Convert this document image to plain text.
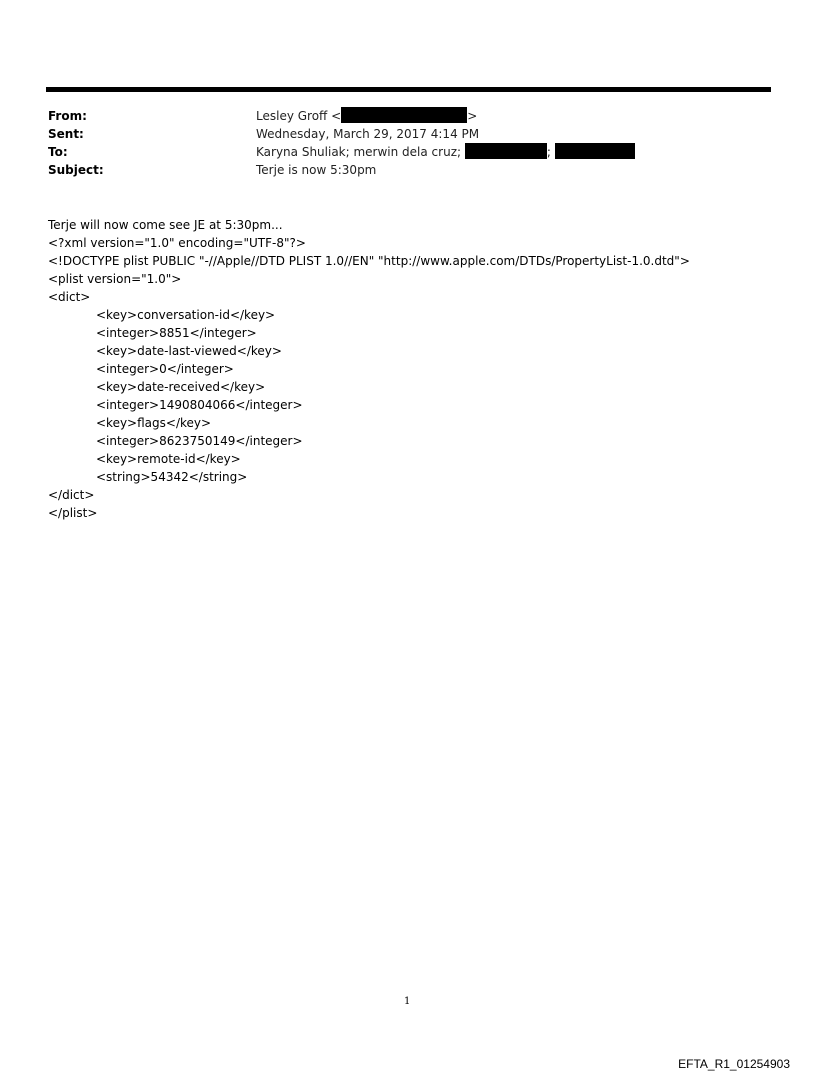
From:	Lesley Groff <	>
Sent:	Wednesday, March 29, 2017 4:14 PM
To:	Karyna Shuliak; merwin dela cruz;	;
Subject:	Terje is now 5:30pm
Terje will now come see JE at 5:30pm...
<?xml version="1.0" encoding="UTF-8"?>
<!DOCTYPE plist PUBLIC "-//Apple//DTD PLIST 1.0//EN" "http://www.apple.com/DTDs/PropertyList-1.0.dtd">
<plist version="1.0">
<dict>
<key>conversation-id</key>
<integer>8851</integer>
<key>date-last-viewed</key>
<integer>0</integer>
<key>date-received</key>
<integer>1490804066</integer>
<key>flags</key>
<integer>8623750149</integer>
<key>remote-id</key>
<string>54342</string>
</dict>
</plist>
1
EFTA_R1_01254903
